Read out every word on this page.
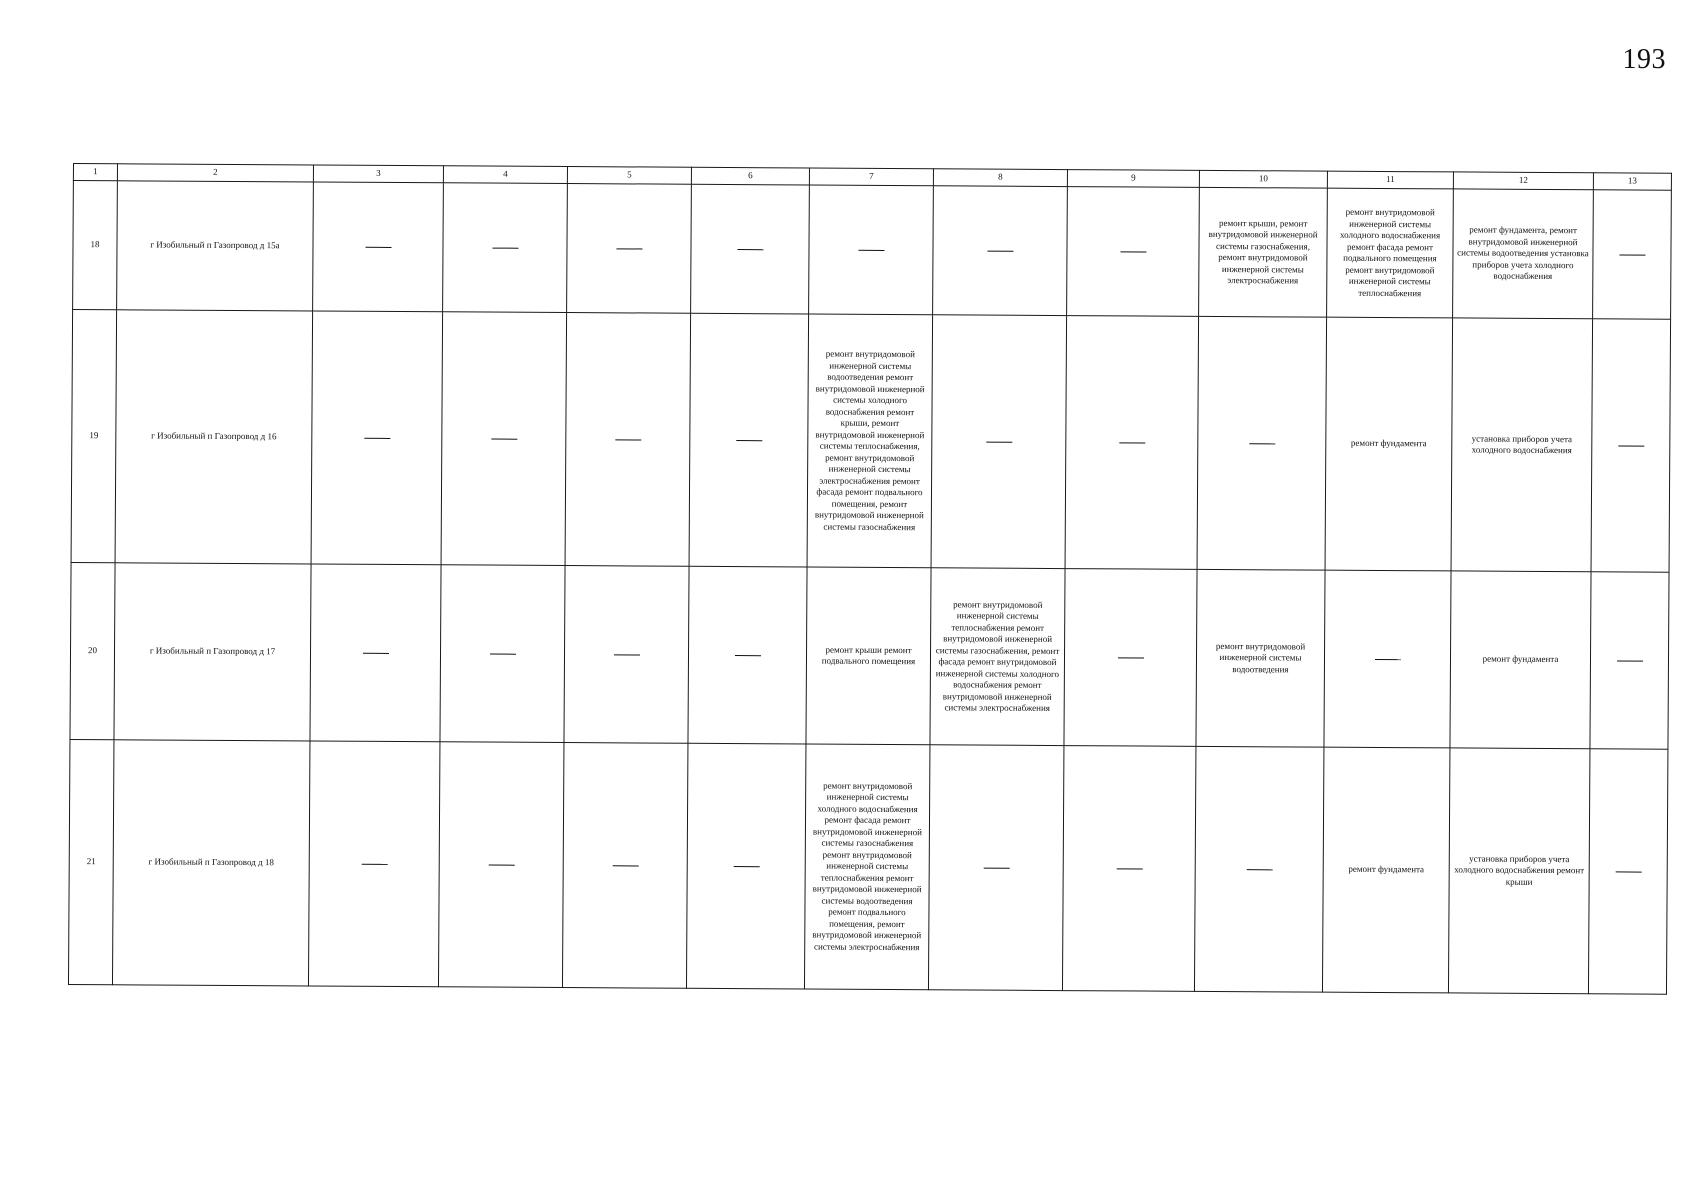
193
1	2	3	4	5	6	7	8	9	10	11	12	13
18	г Изобильный п Газопровод д 15а								ремонт крыши, ремонт внутридомовой инженерной системы газоснабжения, ремонт внутридомовой инженерной системы электроснабжения	ремонт внутридомовой инженерной системы холодного водоснабжения ремонт фасада ремонт подвального помещения ремонт внутридомовой инженерной системы теплоснабжения	ремонт фундамента, ремонт внутридомовой инженерной системы водоотведения установка приборов учета холодного водоснабжения	

19	г Изобильный п Газопровод д 16					ремонт внутридомовой инженерной системы водоотведения ремонт внутридомовой инженерной системы холодного водоснабжения ремонт крыши, ремонт внутридомовой инженерной системы теплоснабжения, ремонт внутридомовой инженерной системы электроснабжения ремонт фасада ремонт подвального помещения, ремонт внутридомовой инженерной системы газоснабжения				ремонт фундамента	установка приборов учета холодного водоснабжения	

20	г Изобильный п Газопровод д 17					ремонт крыши ремонт подвального помещения	ремонт внутридомовой инженерной системы теплоснабжения ремонт внутридомовой инженерной системы газоснабжения, ремонт фасада ремонт внутридомовой инженерной системы холодного водоснабжения ремонт внутридомовой инженерной системы электроснабжения		ремонт внутридомовой инженерной системы водоотведения		ремонт фундамента	

21	г Изобильный п Газопровод д 18					ремонт внутридомовой инженерной системы холодного водоснабжения ремонт фасада ремонт внутридомовой инженерной системы газоснабжения ремонт внутридомовой инженерной системы теплоснабжения ремонт внутридомовой инженерной системы водоотведения ремонт подвального помещения, ремонт внутридомовой инженерной системы электроснабжения				ремонт фундамента	установка приборов учета холодного водоснабжения ремонт крыши	
